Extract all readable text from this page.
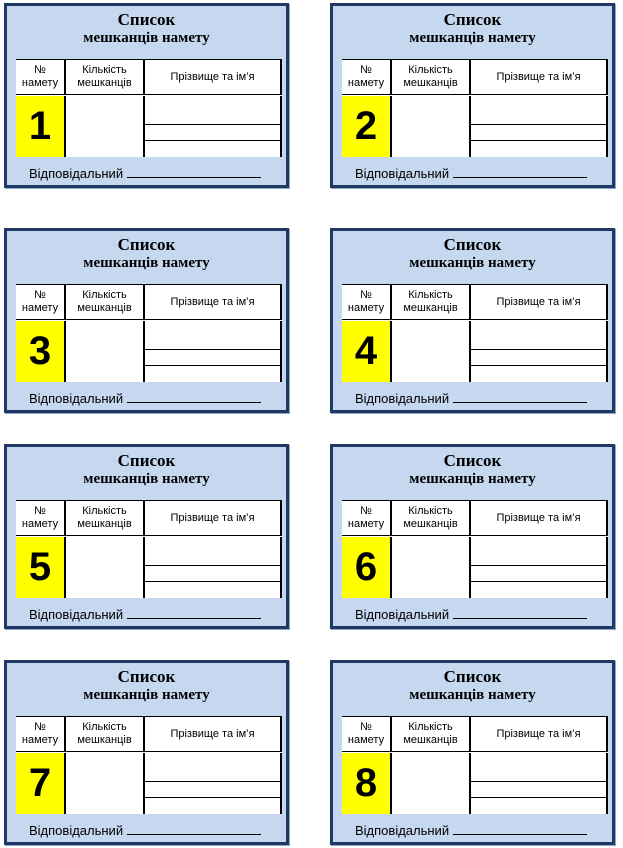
Список
мешканців намету
№
намету
Кількість
мешканців
Прізвище та ім’я
1
Відповідальний
Список
мешканців намету
№
намету
Кількість
мешканців
Прізвище та ім’я
2
Відповідальний
Список
мешканців намету
№
намету
Кількість
мешканців
Прізвище та ім’я
3
Відповідальний
Список
мешканців намету
№
намету
Кількість
мешканців
Прізвище та ім’я
4
Відповідальний
Список
мешканців намету
№
намету
Кількість
мешканців
Прізвище та ім’я
5
Відповідальний
Список
мешканців намету
№
намету
Кількість
мешканців
Прізвище та ім’я
6
Відповідальний
Список
мешканців намету
№
намету
Кількість
мешканців
Прізвище та ім’я
7
Відповідальний
Список
мешканців намету
№
намету
Кількість
мешканців
Прізвище та ім’я
8
Відповідальний
